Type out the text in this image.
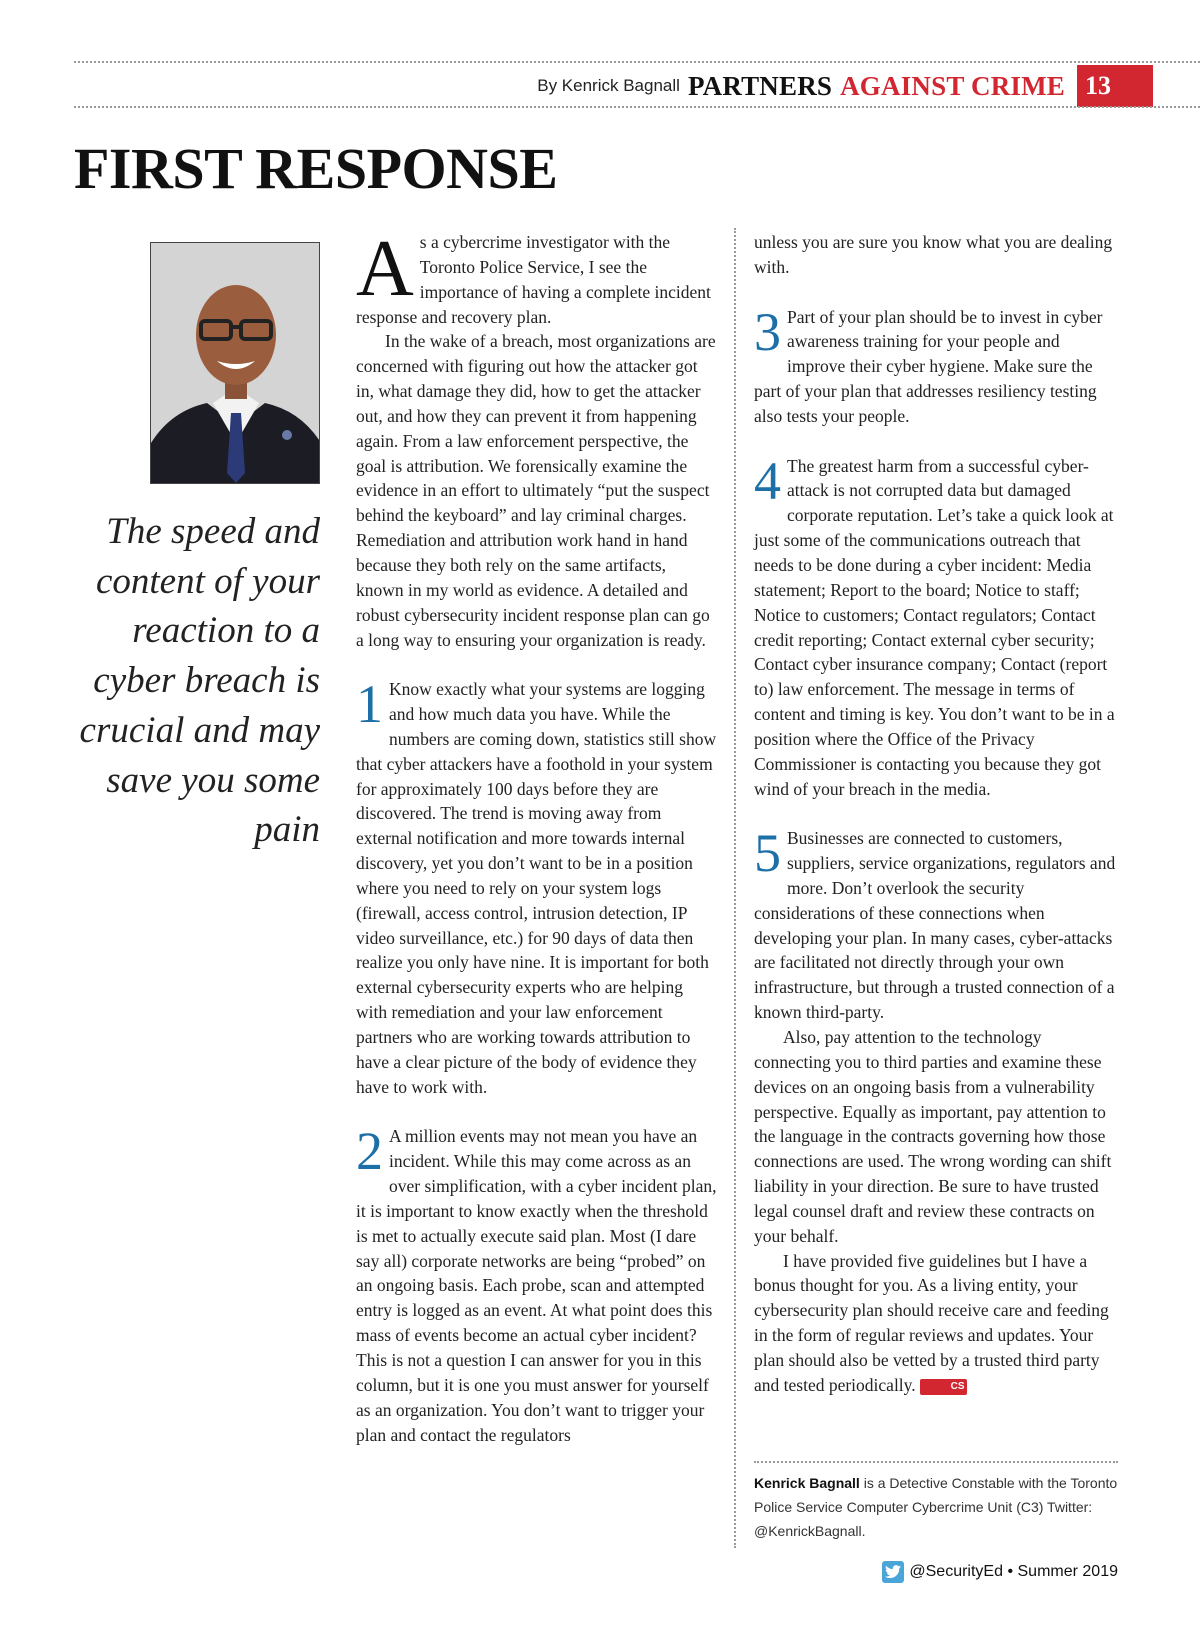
By Kenrick Bagnall PARTNERS AGAINST CRIME 13
FIRST RESPONSE
The speed and content of your reaction to a cyber breach is crucial and may save you some pain

As a cybercrime investigator with the Toronto Police Service, I see the importance of having a complete incident response and recovery plan.

In the wake of a breach, most organizations are concerned with figuring out how the attacker got in, what damage they did, how to get the attacker out, and how they can prevent it from happening again. From a law enforcement perspective, the goal is attribution. We forensically examine the evidence in an effort to ultimately “put the suspect behind the keyboard” and lay criminal charges. Remediation and attribution work hand in hand because they both rely on the same artifacts, known in my world as evidence. A detailed and robust cybersecurity incident response plan can go a long way to ensuring your organization is ready.

1 Know exactly what your systems are logging and how much data you have. While the numbers are coming down, statistics still show that cyber attackers have a foothold in your system for approximately 100 days before they are discovered. The trend is moving away from external notification and more towards internal discovery, yet you don’t want to be in a position where you need to rely on your system logs (firewall, access control, intrusion detection, IP video surveillance, etc.) for 90 days of data then realize you only have nine. It is important for both external cybersecurity experts who are helping with remediation and your law enforcement partners who are working towards attribution to have a clear picture of the body of evidence they have to work with.

2 A million events may not mean you have an incident. While this may come across as an over simplification, with a cyber incident plan, it is important to know exactly when the threshold is met to actually execute said plan. Most (I dare say all) corporate networks are being “probed” on an ongoing basis. Each probe, scan and attempted entry is logged as an event. At what point does this mass of events become an actual cyber incident? This is not a question I can answer for you in this column, but it is one you must answer for yourself as an organization. You don’t want to trigger your plan and contact the regulators

unless you are sure you know what you are dealing with.

3 Part of your plan should be to invest in cyber awareness training for your people and improve their cyber hygiene. Make sure the part of your plan that addresses resiliency testing also tests your people.

4 The greatest harm from a successful cyber-attack is not corrupted data but damaged corporate reputation. Let’s take a quick look at just some of the communications outreach that needs to be done during a cyber incident: Media statement; Report to the board; Notice to staff; Notice to customers; Contact regulators; Contact credit reporting; Contact external cyber security; Contact cyber insurance company; Contact (report to) law enforcement. The message in terms of content and timing is key. You don’t want to be in a position where the Office of the Privacy Commissioner is contacting you because they got wind of your breach in the media.

5 Businesses are connected to customers, suppliers, service organizations, regulators and more. Don’t overlook the security considerations of these connections when developing your plan. In many cases, cyber-attacks are facilitated not directly through your own infrastructure, but through a trusted connection of a known third-party.

Also, pay attention to the technology connecting you to third parties and examine these devices on an ongoing basis from a vulnerability perspective. Equally as important, pay attention to the language in the contracts governing how those connections are used. The wrong wording can shift liability in your direction. Be sure to have trusted legal counsel draft and review these contracts on your behalf.

I have provided five guidelines but I have a bonus thought for you. As a living entity, your cybersecurity plan should receive care and feeding in the form of regular reviews and updates. Your plan should also be vetted by a trusted third party and tested periodically.	CS

Kenrick Bagnall is a Detective Constable with the Toronto Police Service Computer Cybercrime Unit (C3) Twitter: @KenrickBagnall.
@SecurityEd • Summer 2019
